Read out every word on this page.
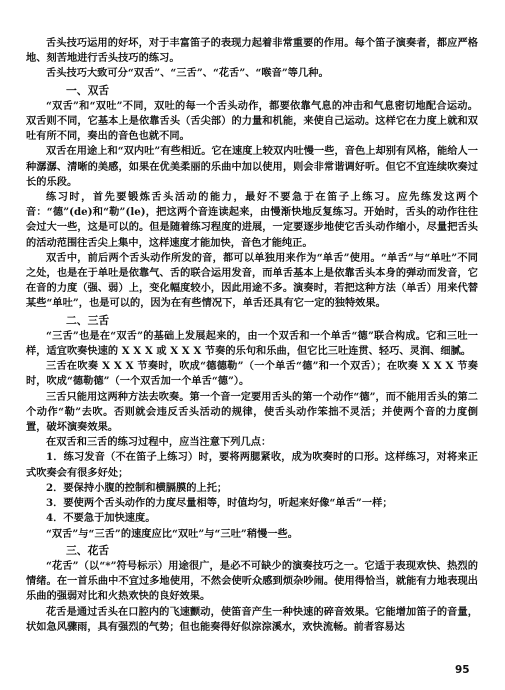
舌头技巧运用的好坏，对于丰富笛子的表现力起着非常重要的作用。每个笛子演奏者，都应严格地、刻苦地进行舌头技巧的练习。

舌头技巧大致可分“双舌”、“三舌”、“花舌”、“喉音”等几种。

一、双舌

“双舌”和“双吐”不同，双吐的每一个舌头动作，都要依靠气息的冲击和气息密切地配合运动。双舌则不同，它基本上是依靠舌头（舌尖部）的力量和机能，来使自己运动。这样它在力度上就和双吐有所不同，奏出的音色也就不同。

双舌在用途上和“双内吐”有些相近。它在速度上较双内吐慢一些，音色上却别有风格，能给人一种潺潺、清晰的美感，如果在优美柔丽的乐曲中加以使用，则会非常谐调好听。但它不宜连续吹奏过长的乐段。

练习时，首先要锻炼舌头活动的能力，最好不要急于在笛子上练习。应先练发这两个音：“德”(de)和“勒”(le)，把这两个音连读起来，由慢渐快地反复练习。开始时，舌头的动作往往会过大一些，这是可以的。但是随着练习程度的进展，一定要逐步地使它舌头动作缩小，尽量把舌头的活动范围往舌尖上集中，这样速度才能加快，音色才能纯正。

双舌中，前后两个舌头动作所发的音，都可以单独用来作为“单舌”使用。“单舌”与“单吐”不同之处，也是在于单吐是依靠气、舌的联合运用发音，而单舌基本上是依靠舌头本身的弹动而发音，它在音的力度（强、弱）上，变化幅度较小，因此用途不多。演奏时，若把这种方法（单舌）用来代替某些“单吐”，也是可以的，因为在有些情况下，单舌还具有它一定的独特效果。

二、三舌

“三舌”也是在“双舌”的基础上发展起来的，由一个双舌和一个单舌“德”联合构成。它和三吐一样，适宜吹奏快速的 X X X 或 X X X 节奏的乐句和乐曲，但它比三吐连贯、轻巧、灵润、细腻。

三舌在吹奏 X X X 节奏时，吹成“德德勒”（一个单舌“德”和一个双舌）；在吹奏 X X X 节奏时，吹成“德勒德”（一个双舌加一个单舌“德”）。

三舌只能用这两种方法去吹奏。第一个音一定要用舌头的第一个动作“德”，而不能用舌头的第二个动作“勒”去吹。否则就会违反舌头活动的规律，使舌头动作笨拙不灵活；并使两个音的力度倒置，破坏演奏效果。

在双舌和三舌的练习过程中，应当注意下列几点：

1．练习发音（不在笛子上练习）时，要将两腮紧收，成为吹奏时的口形。这样练习，对将来正式吹奏会有很多好处；

2．要保持小腹的控制和横膈膜的上托；

3．要使两个舌头动作的力度尽量相等，时值均匀，听起来好像“单舌”一样；

4．不要急于加快速度。

“双舌”与“三舌”的速度应比“双吐”与“三吐”稍慢一些。

三、花舌

“花舌”（以“*”符号标示）用途很广，是必不可缺少的演奏技巧之一。它适于表现欢快、热烈的情绪。在一首乐曲中不宜过多地使用，不然会使听众感到烦杂吵闹。使用得恰当，就能有力地表现出乐曲的强弱对比和火热欢快的良好效果。

花舌是通过舌头在口腔内的飞速颤动，使笛音产生一种快速的碎音效果。它能增加笛子的音量，状如急风骤雨，具有强烈的气势；但也能奏得好似淙淙溪水，欢快流畅。前者容易达

95
